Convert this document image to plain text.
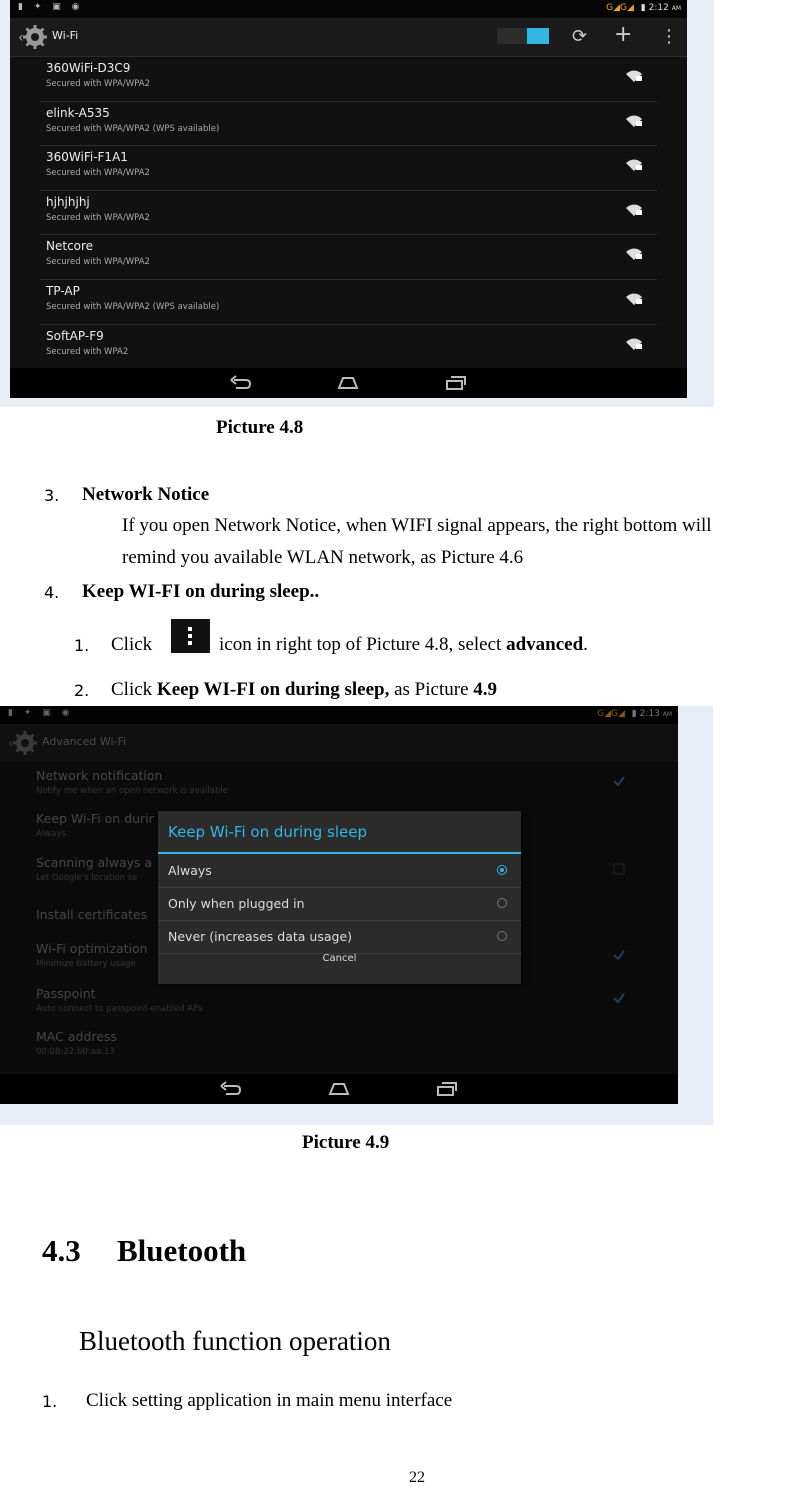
▮ ✦ ▣ ◉	G◢G◢ ▮ 2:12 AM
‹	Wi-Fi	⟳ + ⋮
360WiFi-D3C9
Secured with WPA/WPA2
elink-A535
Secured with WPA/WPA2 (WPS available)
360WiFi-F1A1
Secured with WPA/WPA2
hjhjhjhj
Secured with WPA/WPA2
Netcore
Secured with WPA/WPA2
TP-AP
Secured with WPA/WPA2 (WPS available)
SoftAP-F9
Secured with WPA2
Picture 4.8
3. Network Notice
If you open Network Notice, when WIFI signal appears, the right bottom will
remind you available WLAN network, as Picture 4.6
4. Keep WI-FI on during sleep..
1. Click	icon in right top of Picture 4.8, select advanced.
2. Click Keep WI-FI on during sleep, as Picture 4.9
▮ ✦ ▣ ◉	G◢G◢ ▮ 2:13 AM
‹	Advanced Wi-Fi
Network notification
Notify me when an open network is available
Keep Wi-Fi on durir
Always
Scanning always a
Let Google's location se
Install certificates
Wi-Fi optimization
Minimize battery usage
Passpoint
Auto connect to passpoint-enabled APs
MAC address
00:08:22:b0:aa:13
Keep Wi-Fi on during sleep
Always
Only when plugged in
Never (increases data usage)
Cancel
Picture 4.9
4.3 Bluetooth
Bluetooth function operation
1. Click setting application in main menu interface
22
